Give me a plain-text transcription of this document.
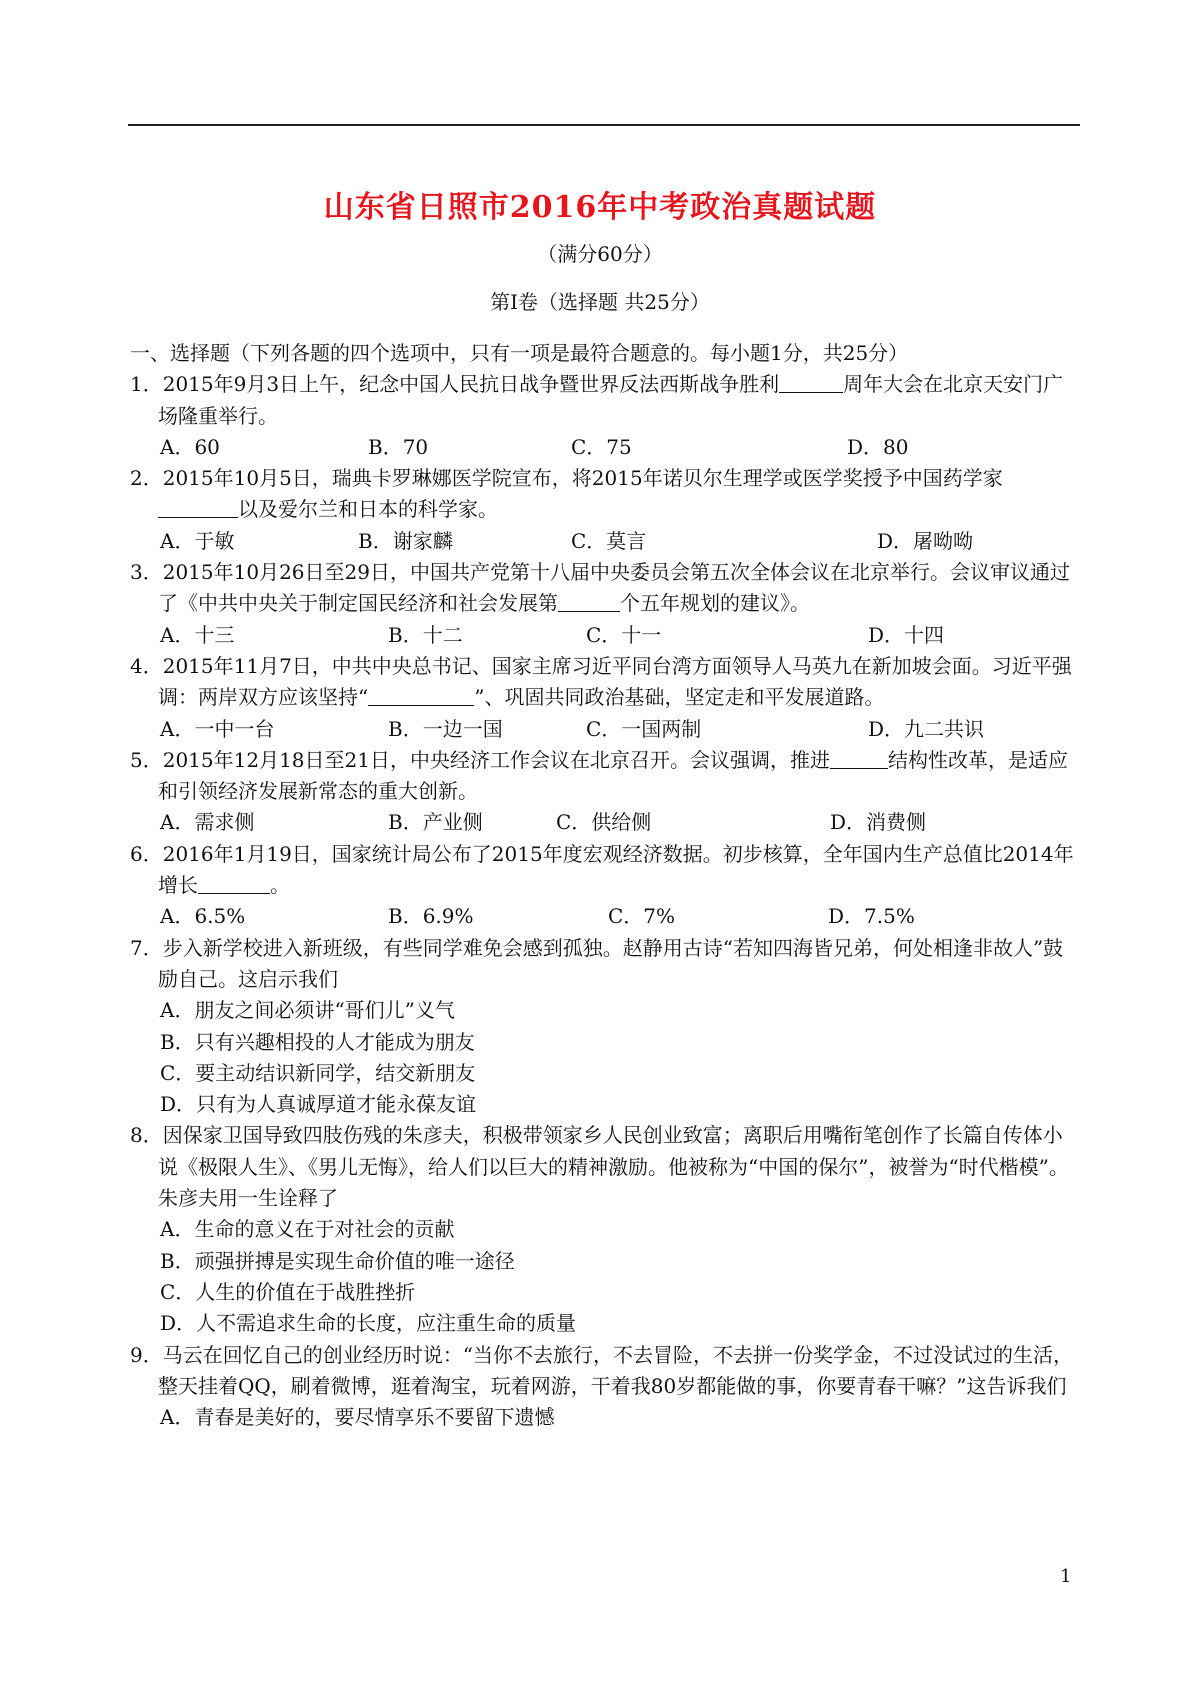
山东省日照市2016年中考政治真题试题
（满分60分）
第I卷（选择题 共25分）
一、选择题（下列各题的四个选项中，只有一项是最符合题意的。每小题1分，共25分）
1．2015年9月3日上午，纪念中国人民抗日战争暨世界反法西斯战争胜利	周年大会在北京天安门广场隆重举行。
A．60	B．70	C．75	D．80
2．2015年10月5日，瑞典卡罗琳娜医学院宣布，将2015年诺贝尔生理学或医学奖授予中国药学家以及爱尔兰和日本的科学家。
A．于敏	B．谢家麟	C．莫言	D．屠呦呦
3．2015年10月26日至29日，中国共产党第十八届中央委员会第五次全体会议在北京举行。会议审议通过了《中共中央关于制定国民经济和社会发展第	个五年规划的建议》。
A．十三	B．十二	C．十一	D．十四
4．2015年11月7日，中共中央总书记、国家主席习近平同台湾方面领导人马英九在新加坡会面。习近平强调：两岸双方应该坚持“	”、巩固共同政治基础，坚定走和平发展道路。
A．一中一台	B．一边一国	C．一国两制	D．九二共识
5．2015年12月18日至21日，中央经济工作会议在北京召开。会议强调，推进	结构性改革，是适应和引领经济发展新常态的重大创新。
A．需求侧	B．产业侧	C．供给侧	D．消费侧
6．2016年1月19日，国家统计局公布了2015年度宏观经济数据。初步核算，全年国内生产总值比2014年增长	。
A．6.5%	B．6.9%	C．7%	D．7.5%
7．步入新学校进入新班级，有些同学难免会感到孤独。赵静用古诗“若知四海皆兄弟，何处相逢非故人”鼓励自己。这启示我们
A．朋友之间必须讲“哥们儿”义气
B．只有兴趣相投的人才能成为朋友
C．要主动结识新同学，结交新朋友
D．只有为人真诚厚道才能永葆友谊
8．因保家卫国导致四肢伤残的朱彦夫，积极带领家乡人民创业致富；离职后用嘴衔笔创作了长篇自传体小说《极限人生》、《男儿无悔》，给人们以巨大的精神激励。他被称为“中国的保尔”，被誉为“时代楷模”。朱彦夫用一生诠释了
A．生命的意义在于对社会的贡献
B．顽强拼搏是实现生命价值的唯一途径
C．人生的价值在于战胜挫折
D．人不需追求生命的长度，应注重生命的质量
9．马云在回忆自己的创业经历时说：“当你不去旅行，不去冒险，不去拼一份奖学金，不过没试过的生活，整天挂着QQ，刷着微博，逛着淘宝，玩着网游，干着我80岁都能做的事，你要青春干嘛？”这告诉我们
A．青春是美好的，要尽情享乐不要留下遗憾
1
